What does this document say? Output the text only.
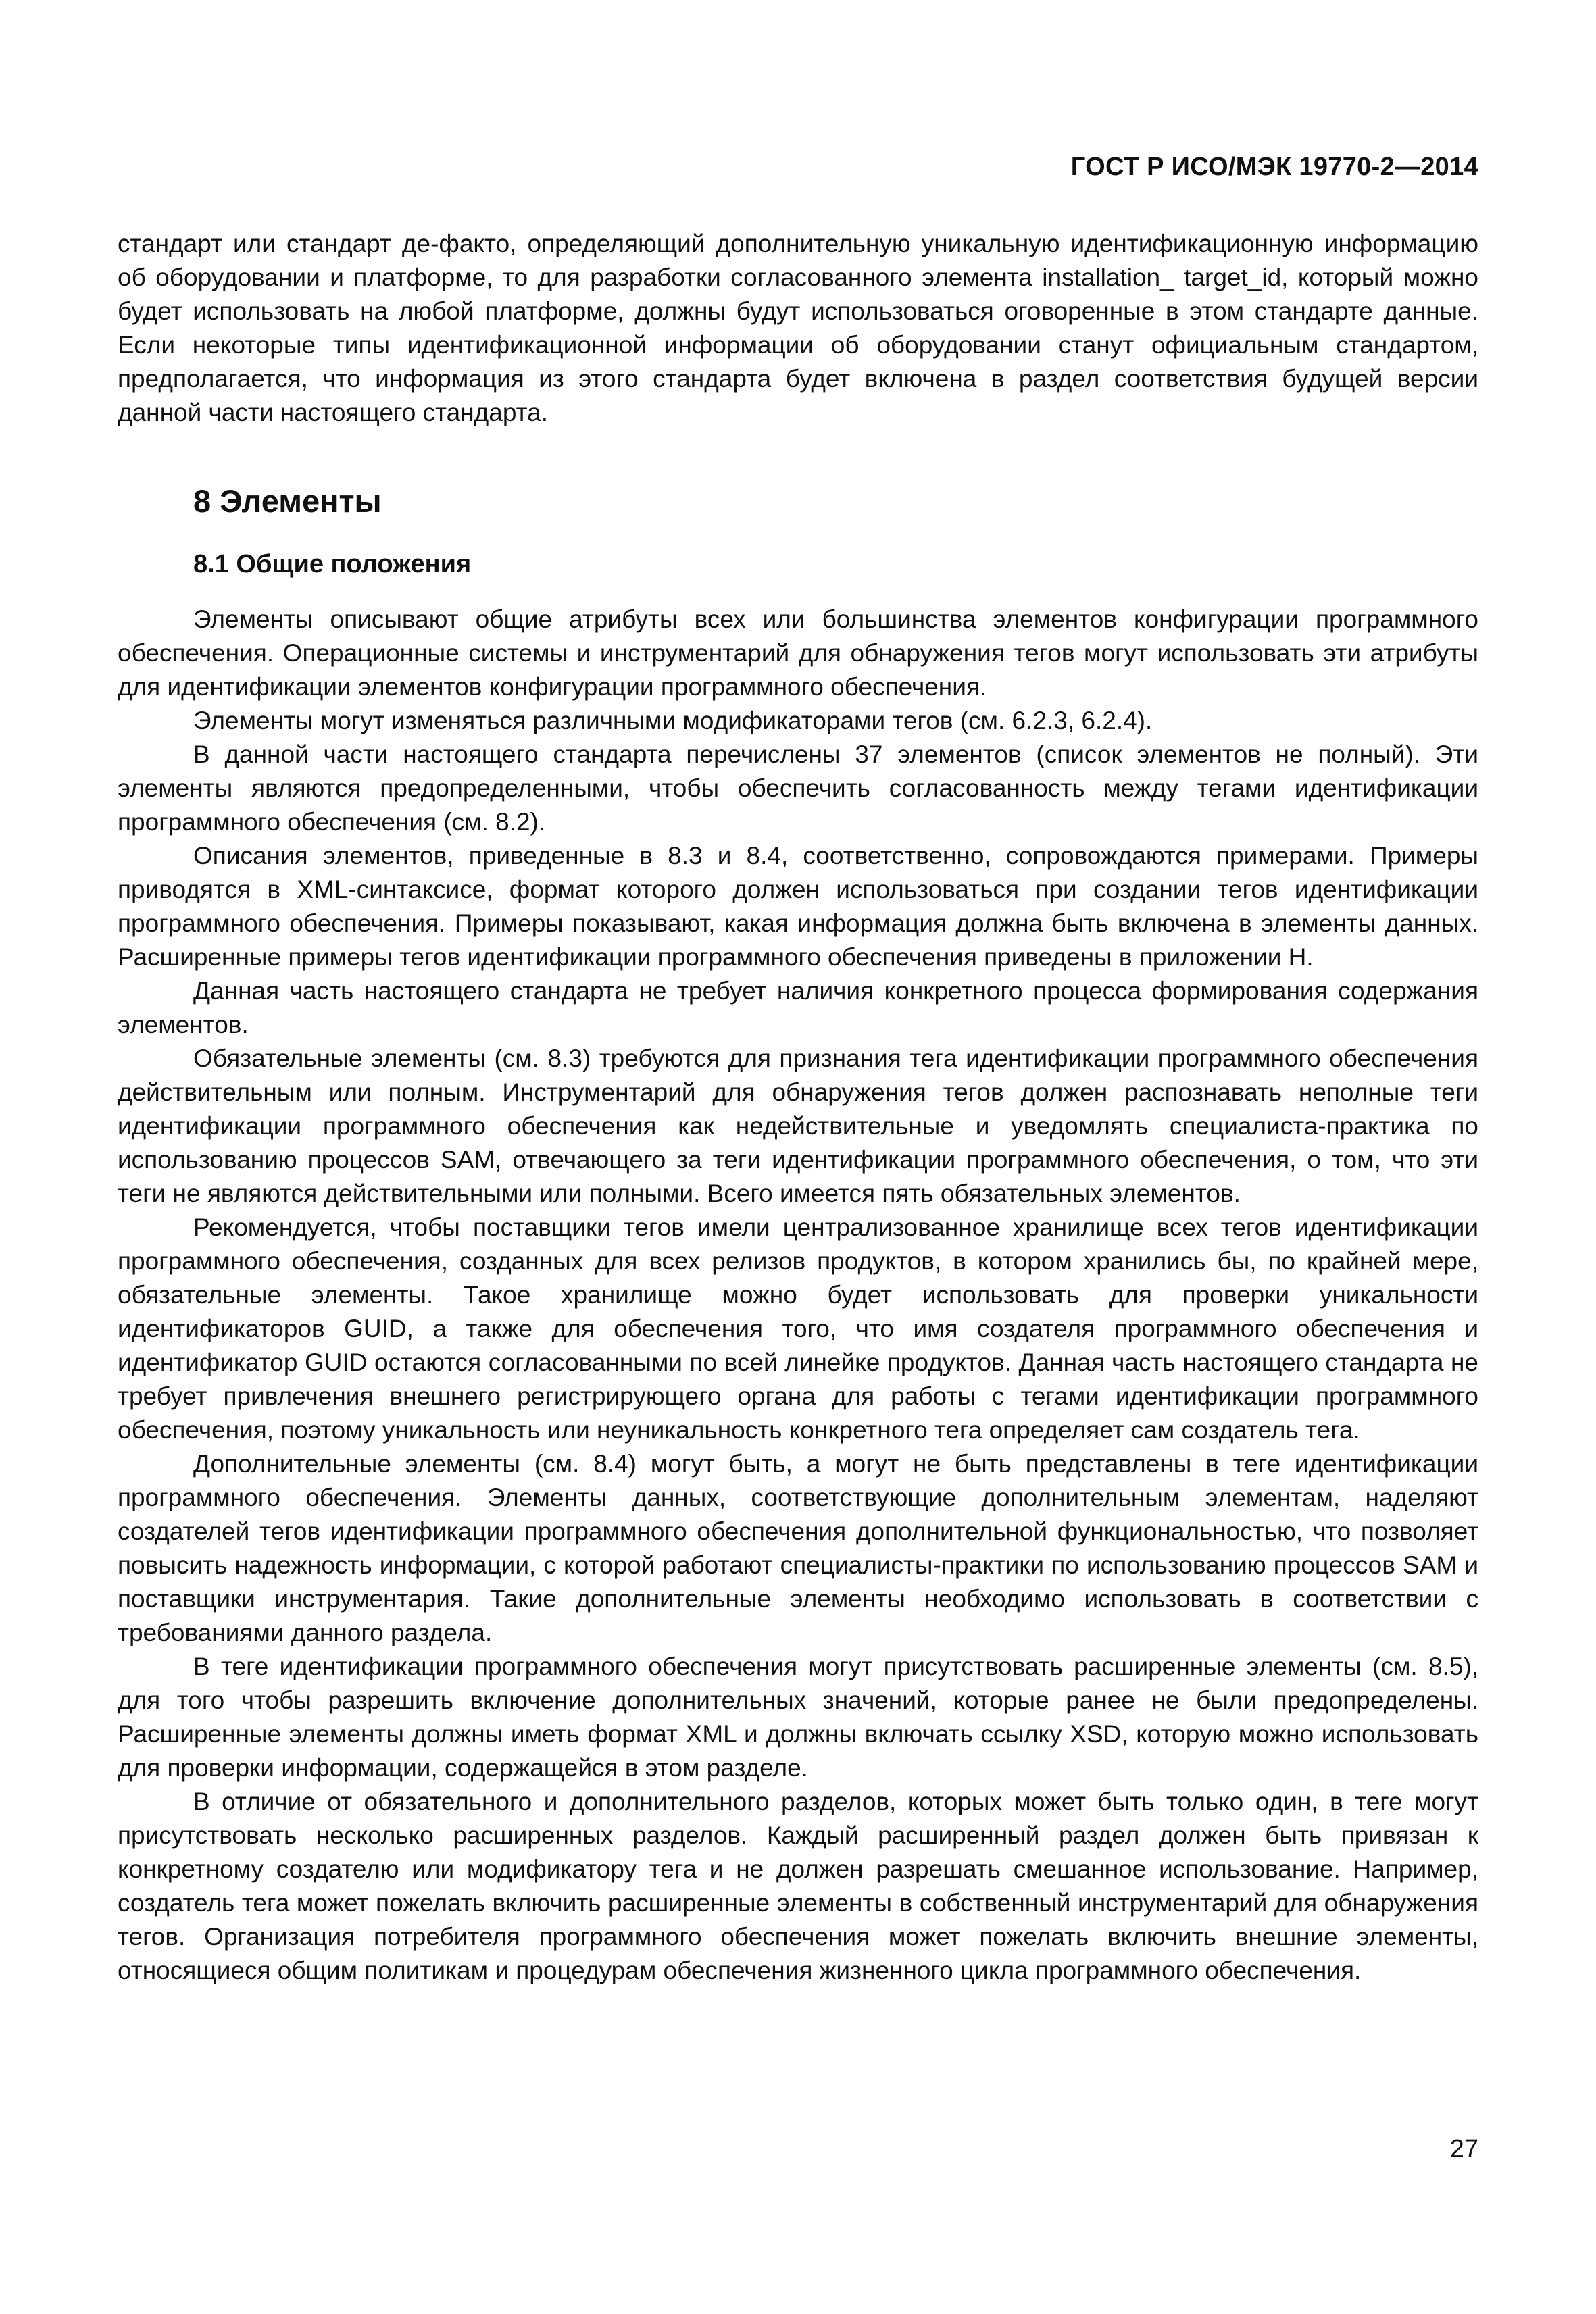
ГОСТ Р ИСО/МЭК 19770-2—2014

стандарт или стандарт де-факто, определяющий дополнительную уникальную идентификационную информацию об оборудовании и платформе, то для разработки согласованного элемента installation_ target_id, который можно будет использовать на любой платформе, должны будут использоваться оговоренные в этом стандарте данные. Если некоторые типы идентификационной информации об оборудовании станут официальным стандартом, предполагается, что информация из этого стандарта будет включена в раздел соответствия будущей версии данной части настоящего стандарта.

8 Элементы
8.1 Общие положения

Элементы описывают общие атрибуты всех или большинства элементов конфигурации программного обеспечения. Операционные системы и инструментарий для обнаружения тегов могут использовать эти атрибуты для идентификации элементов конфигурации программного обеспечения.

Элементы могут изменяться различными модификаторами тегов (см. 6.2.3, 6.2.4).

В данной части настоящего стандарта перечислены 37 элементов (список элементов не полный). Эти элементы являются предопределенными, чтобы обеспечить согласованность между тегами идентификации программного обеспечения (см. 8.2).

Описания элементов, приведенные в 8.3 и 8.4, соответственно, сопровождаются примерами. Примеры приводятся в XML-синтаксисе, формат которого должен использоваться при создании тегов идентификации программного обеспечения. Примеры показывают, какая информация должна быть включена в элементы данных. Расширенные примеры тегов идентификации программного обеспечения приведены в приложении Н.

Данная часть настоящего стандарта не требует наличия конкретного процесса формирования содержания элементов.

Обязательные элементы (см. 8.3) требуются для признания тега идентификации программного обеспечения действительным или полным. Инструментарий для обнаружения тегов должен распознавать неполные теги идентификации программного обеспечения как недействительные и уведомлять специалиста-практика по использованию процессов SAM, отвечающего за теги идентификации программного обеспечения, о том, что эти теги не являются действительными или полными. Всего имеется пять обязательных элементов.

Рекомендуется, чтобы поставщики тегов имели централизованное хранилище всех тегов идентификации программного обеспечения, созданных для всех релизов продуктов, в котором хранились бы, по крайней мере, обязательные элементы. Такое хранилище можно будет использовать для проверки уникальности идентификаторов GUID, а также для обеспечения того, что имя создателя программного обеспечения и идентификатор GUID остаются согласованными по всей линейке продуктов. Данная часть настоящего стандарта не требует привлечения внешнего регистрирующего органа для работы с тегами идентификации программного обеспечения, поэтому уникальность или неуникальность конкретного тега определяет сам создатель тега.

Дополнительные элементы (см. 8.4) могут быть, а могут не быть представлены в теге идентификации программного обеспечения. Элементы данных, соответствующие дополнительным элементам, наделяют создателей тегов идентификации программного обеспечения дополнительной функциональностью, что позволяет повысить надежность информации, с которой работают специалисты-практики по использованию процессов SAM и поставщики инструментария. Такие дополнительные элементы необходимо использовать в соответствии с требованиями данного раздела.

В теге идентификации программного обеспечения могут присутствовать расширенные элементы (см. 8.5), для того чтобы разрешить включение дополнительных значений, которые ранее не были предопределены. Расширенные элементы должны иметь формат XML и должны включать ссылку XSD, которую можно использовать для проверки информации, содержащейся в этом разделе.

В отличие от обязательного и дополнительного разделов, которых может быть только один, в теге могут присутствовать несколько расширенных разделов. Каждый расширенный раздел должен быть привязан к конкретному создателю или модификатору тега и не должен разрешать смешанное использование. Например, создатель тега может пожелать включить расширенные элементы в собственный инструментарий для обнаружения тегов. Организация потребителя программного обеспечения может пожелать включить внешние элементы, относящиеся общим политикам и процедурам обеспечения жизненного цикла программного обеспечения.

27
